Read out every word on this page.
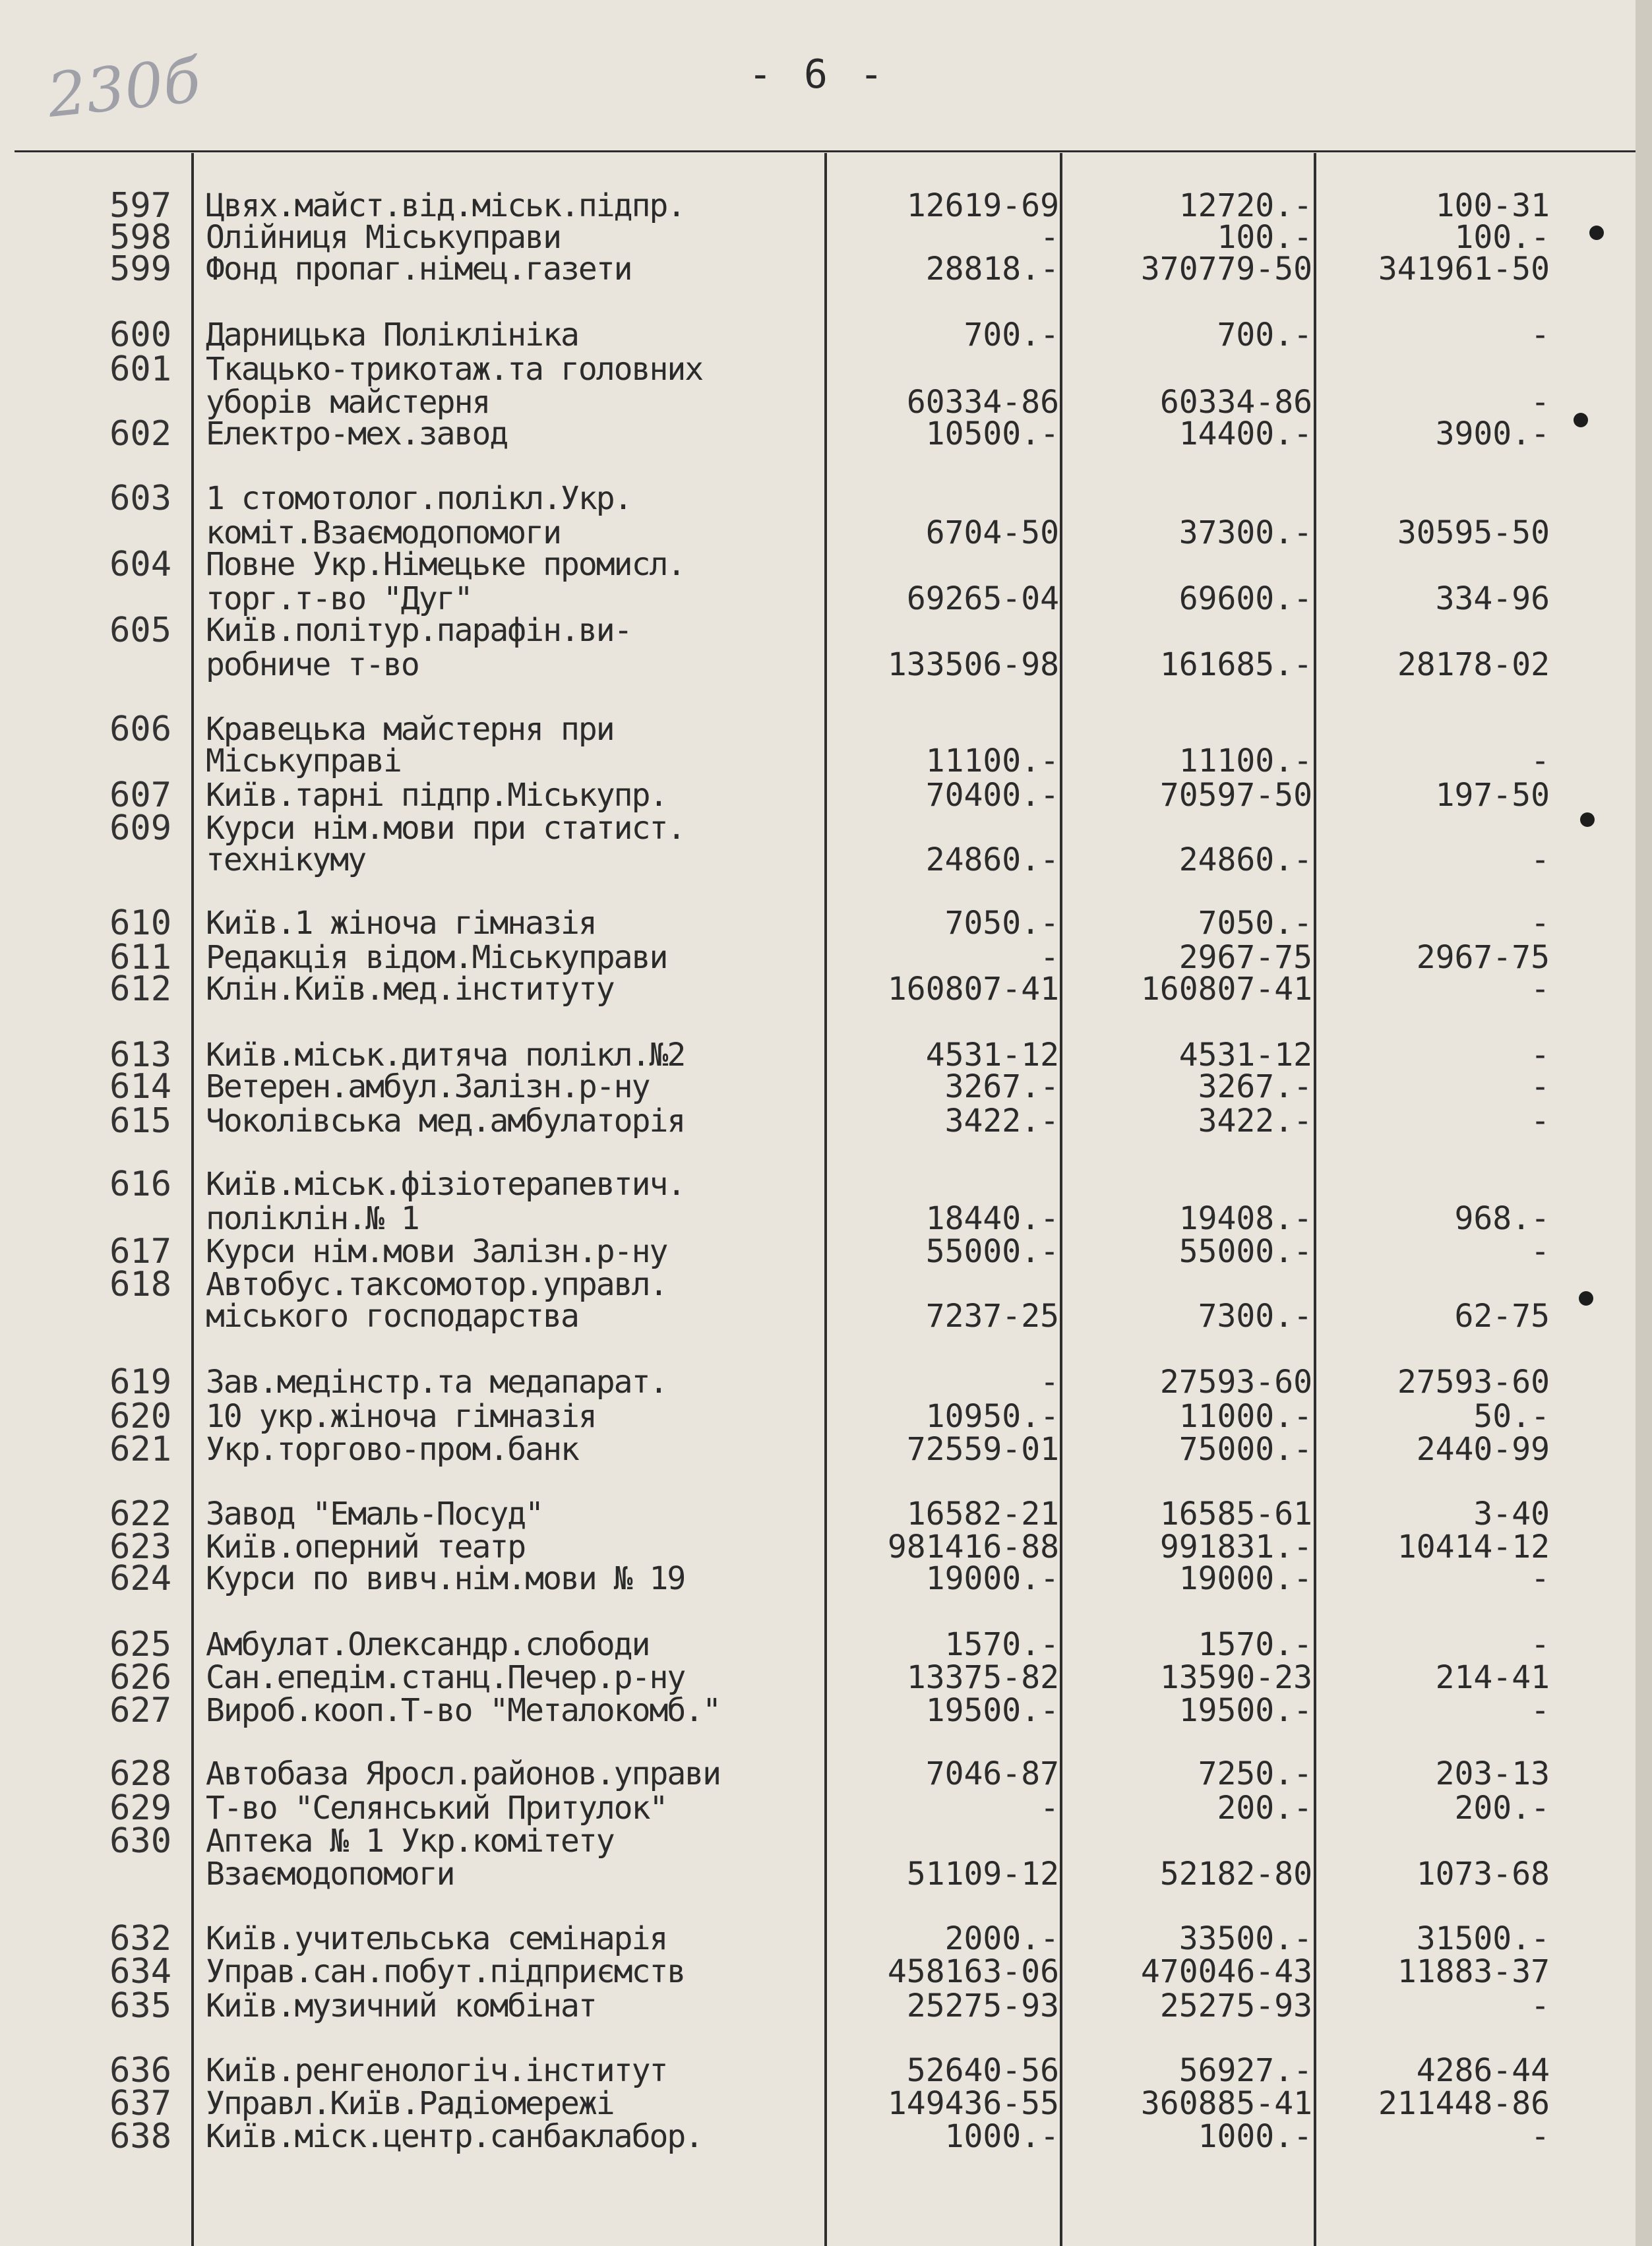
230б	- 6 -
597 Цвях.майст.від.міськ.підпр.	12619-69	12720.-	100-31
598 Олійниця Міськуправи	-	100.-	100.-
599 Фонд пропаг.німец.газети	28818.-	370779-50	341961-50
600 Дарницька Поліклініка	700.-	700.-	-
601 Ткацько-трикотаж.та головних
уборів майстерня	60334-86	60334-86	-
602 Електро-мех.завод	10500.-	14400.-	3900.-
603 1 стомотолог.полікл.Укр.
коміт.Взаємодопомоги	6704-50	37300.-	30595-50
604 Повне Укр.Німецьке промисл.
торг.т-во "Дуг"	69265-04	69600.-	334-96
605 Київ.політур.парафін.ви-
робниче т-во	133506-98	161685.-	28178-02
606 Кравецька майстерня при
Міськуправі	11100.-	11100.-	-
607 Київ.тарні підпр.Міськупр.	70400.-	70597-50	197-50
609 Курси нім.мови при статист.
технікуму	24860.-	24860.-	-
610 Київ.1 жіноча гімназія	7050.-	7050.-	-
611 Редакція відом.Міськуправи	-	2967-75	2967-75
612 Клін.Київ.мед.інституту	160807-41	160807-41	-
613 Київ.міськ.дитяча полікл.№2	4531-12	4531-12	-
614 Ветерен.амбул.Залізн.р-ну	3267.-	3267.-	-
615 Чоколівська мед.амбулаторія	3422.-	3422.-	-
616 Київ.міськ.фізіотерапевтич.
поліклін.№ 1	18440.-	19408.-	968.-
617 Курси нім.мови Залізн.р-ну	55000.-	55000.-	-
618 Автобус.таксомотор.управл.
міського господарства	7237-25	7300.-	62-75
619 Зав.медінстр.та медапарат.	-	27593-60	27593-60
620 10 укр.жіноча гімназія	10950.-	11000.-	50.-
621 Укр.торгово-пром.банк	72559-01	75000.-	2440-99
622 Завод "Емаль-Посуд"	16582-21	16585-61	3-40
623 Київ.оперний театр	981416-88	991831.-	10414-12
624 Курси по вивч.нім.мови № 19	19000.-	19000.-	-
625 Амбулат.Олександр.слободи	1570.-	1570.-	-
626 Сан.епедім.станц.Печер.р-ну	13375-82	13590-23	214-41
627 Вироб.кооп.Т-во "Металокомб."	19500.-	19500.-	-
628 Автобаза Яросл.районов.управи	7046-87	7250.-	203-13
629 Т-во "Селянський Притулок"	-	200.-	200.-
630 Аптека № 1 Укр.комітету
Взаємодопомоги	51109-12	52182-80	1073-68
632 Київ.учительська семінарія	2000.-	33500.-	31500.-
634 Управ.сан.побут.підприємств	458163-06	470046-43	11883-37
635 Київ.музичний комбінат	25275-93	25275-93	-
636 Київ.ренгенологіч.інститут	52640-56	56927.-	4286-44
637 Управл.Київ.Радіомережі	149436-55	360885-41	211448-86
638 Київ.міск.центр.санбаклабор.	1000.-	1000.-	-
